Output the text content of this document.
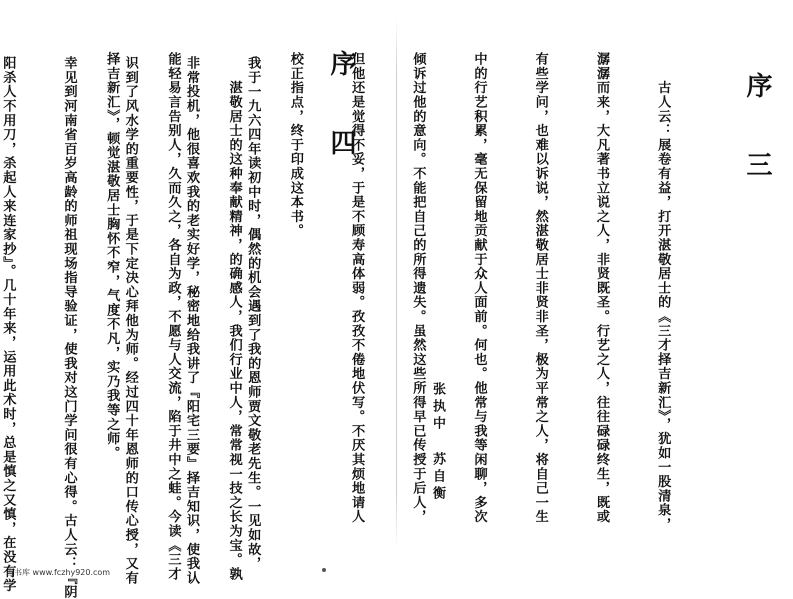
序 四

我于一九六四年读初中时，偶然的机会遇到了我的恩师贾文敬老先生。一见如故，

非常投机，他很喜欢我的老实好学，秘密地给我讲了『阳宅三要』择吉知识，使我认

识到了风水学的重要性，于是下定决心拜他为师。经过四十年恩师的口传心授，又有

幸见到河南省百岁高龄的师祖现场指导验证，使我对这门学问很有心得。古人云：『阴

阳杀人不用刀，杀起人来连家抄』。几十年来，运用此术时，总是慎之又慎，在没有学

	序 三

　　古人云：展卷有益，打开湛敬居士的《三才择吉新汇》，犹如一股清泉，

潺潺而来，大凡著书立说之人，非贤既圣。行艺之人，往往碌碌终生，既或

有些学问，也难以诉说，然湛敬居士非贤非圣，极为平常之人，将自己一生

中的行艺积累，毫无保留地贡献于众人面前。何也。他常与我等闲聊，多次

倾诉过他的意向。不能把自己的所得遗失。虽然这些所得早已传授于后人，

但他还是觉得不妥，于是不顾寿高体弱。孜孜不倦地伏写。不厌其烦地请人

校正指点，终于印成这本书。

　　湛敬居士的这种奉献精神，的确感人，我们行业中人，常常视一技之长为宝。孰

能轻易言告别人，久而久之，各自为政，不愿与人交流，陷于井中之蛙。今读《三才

择吉新汇》，顿觉湛敬居士胸怀不窄，气度不凡，实乃我等之师。

	张执中
苏自衡
古书库 www.fczhy920.com
